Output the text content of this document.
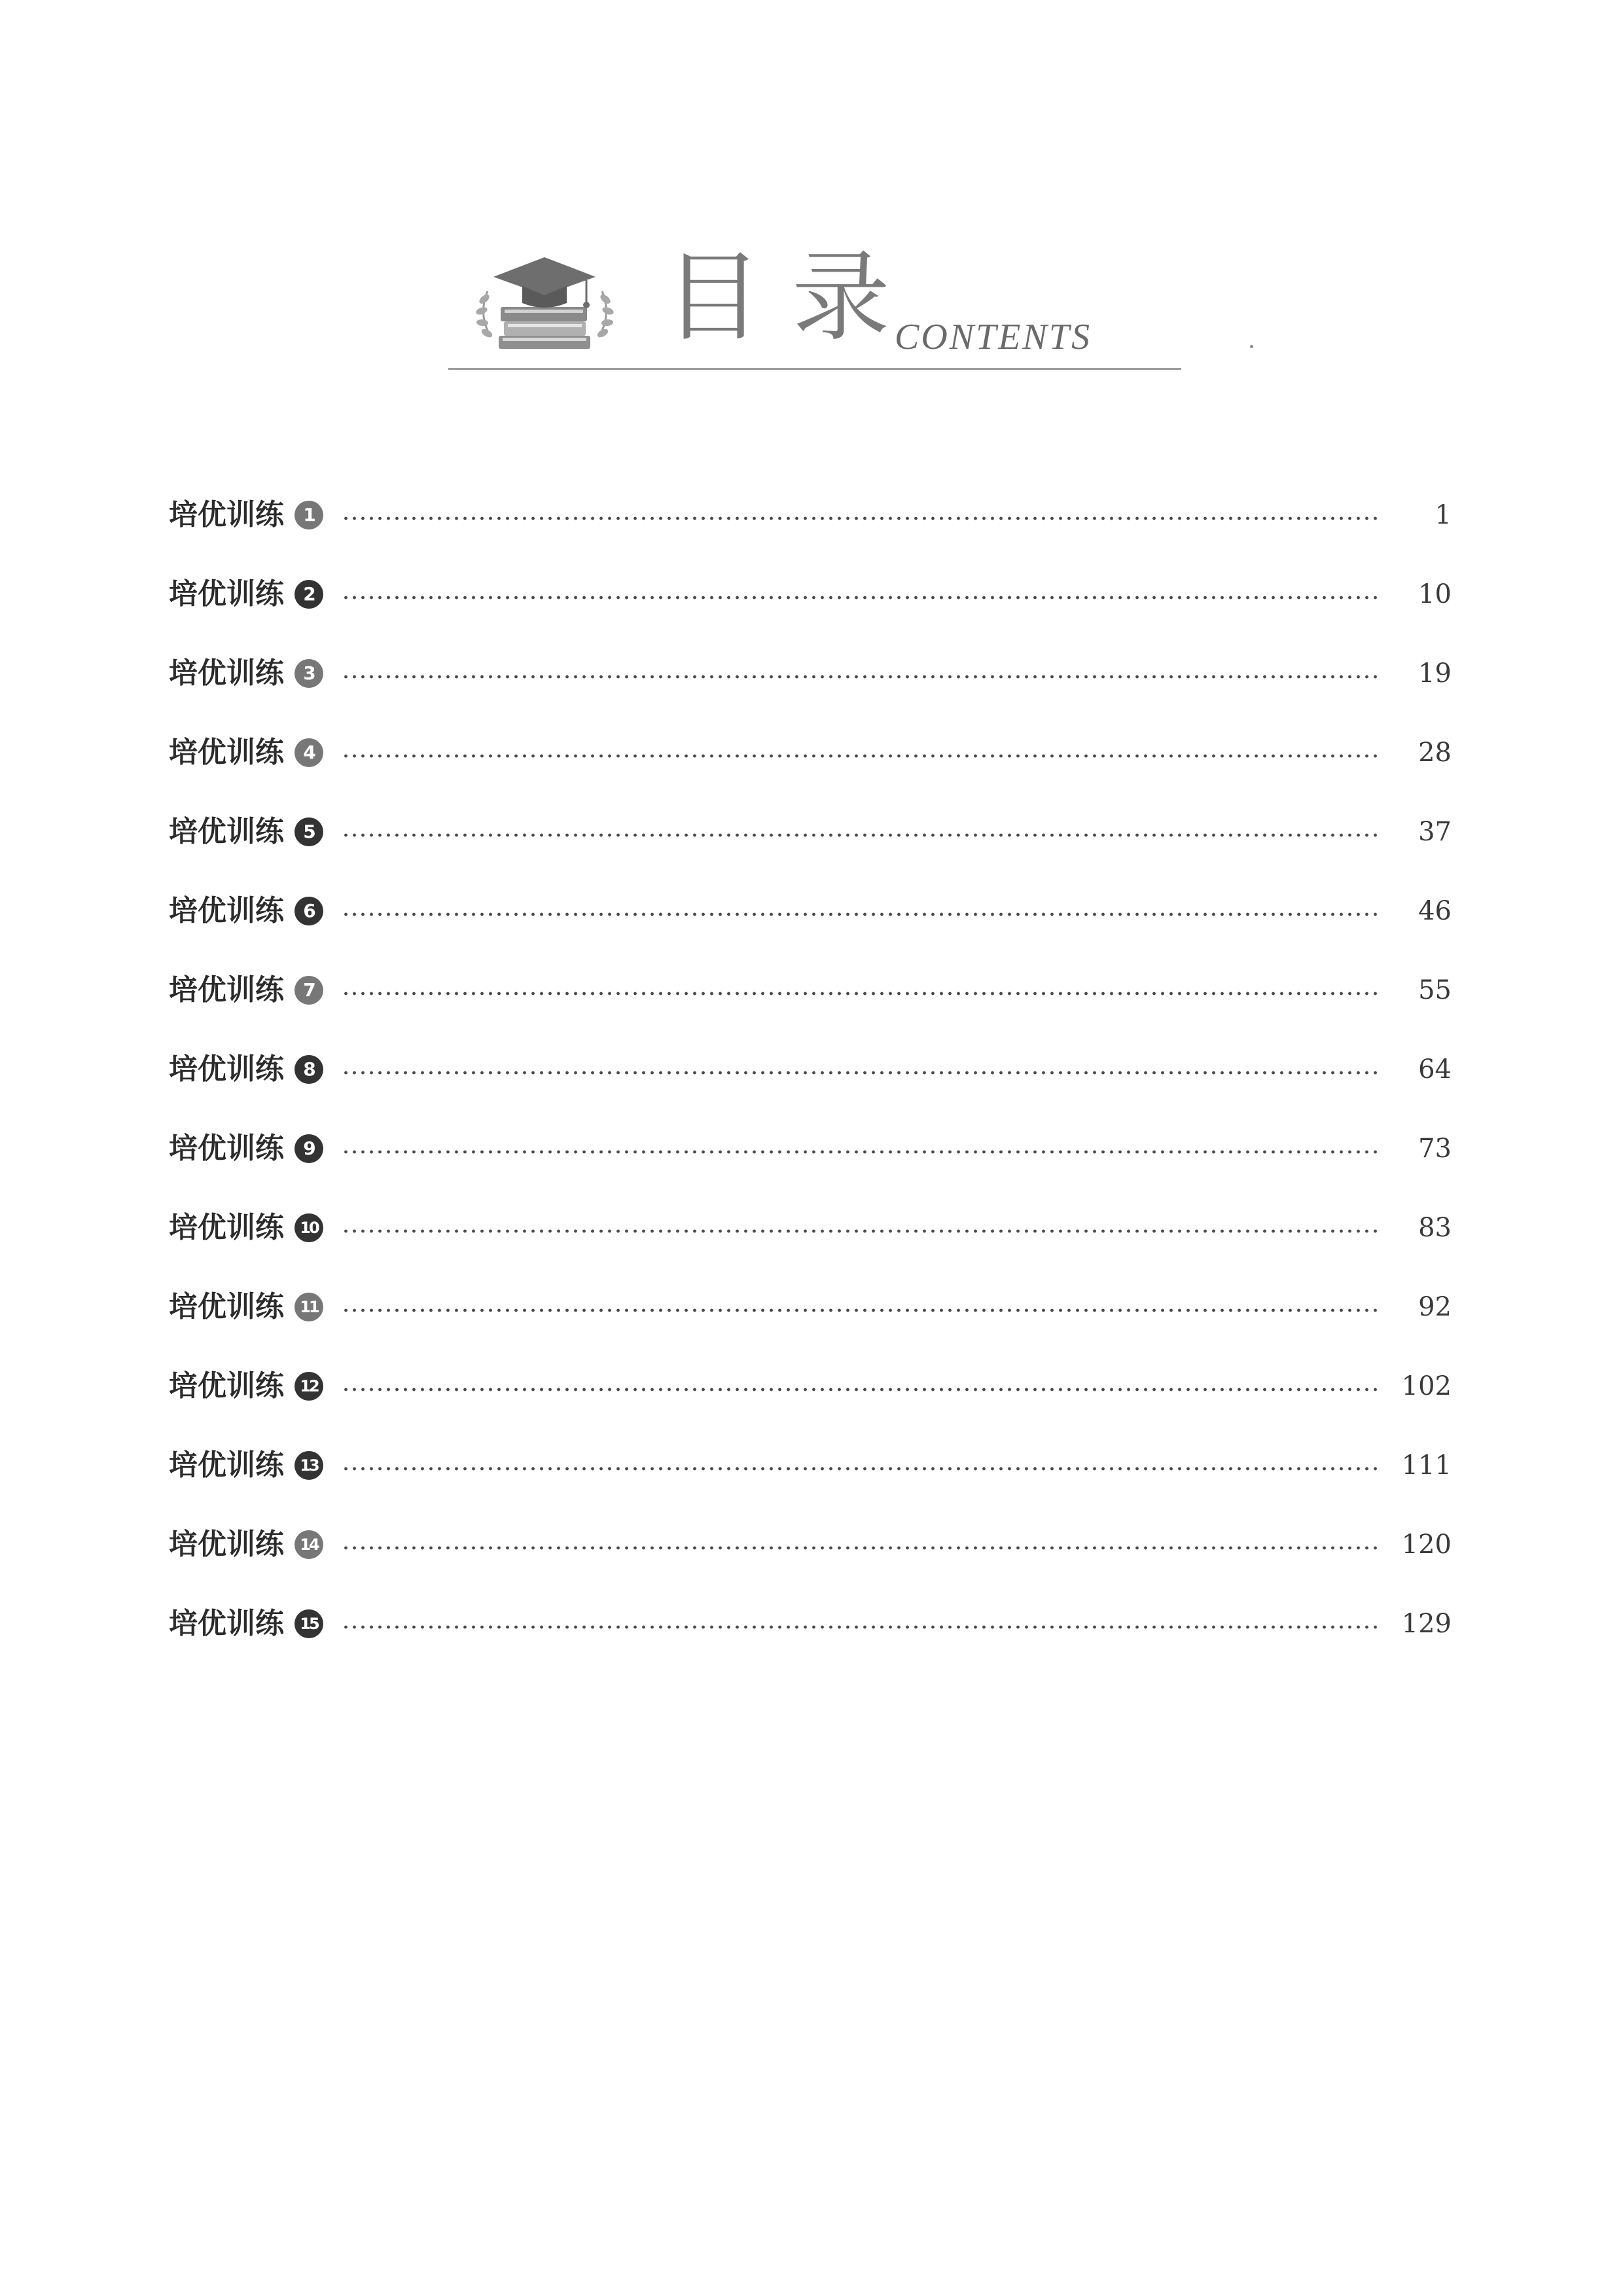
目录
CONTENTS
培优训练	1	1
培优训练	2	10
培优训练	3	19
培优训练	4	28
培优训练	5	37
培优训练	6	46
培优训练	7	55
培优训练	8	64
培优训练	9	73
培优训练	10	83
培优训练	11	92
培优训练	12	102
培优训练	13	111
培优训练	14	120
培优训练	15	129
